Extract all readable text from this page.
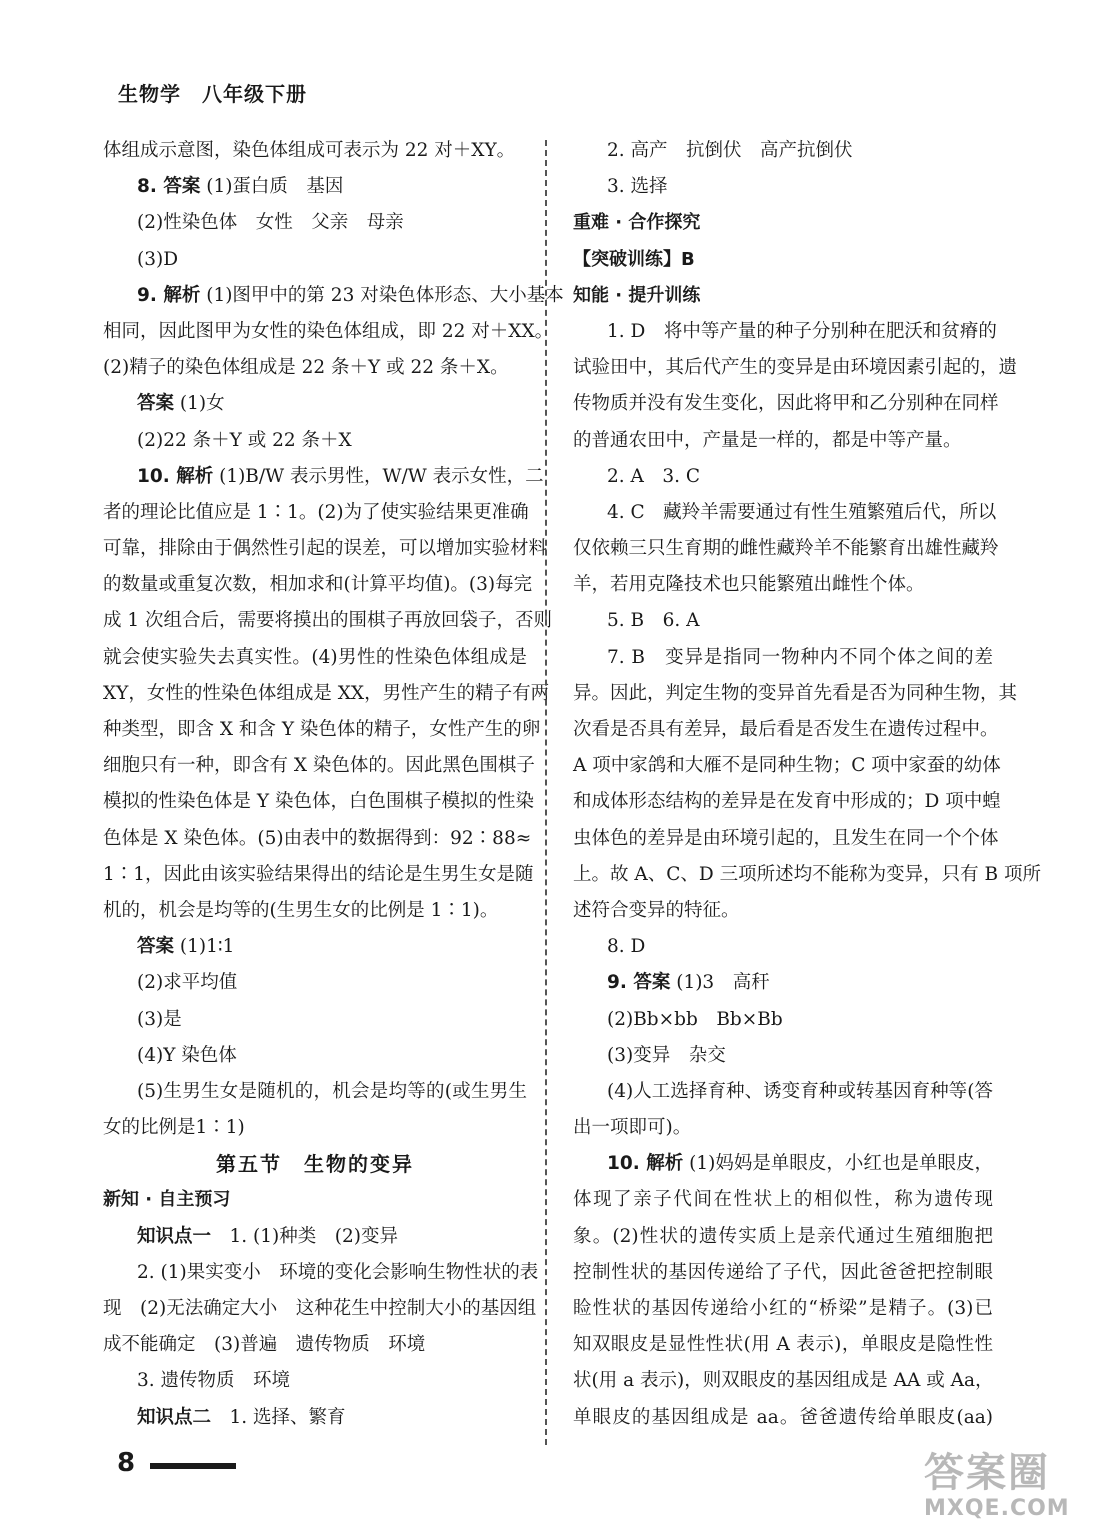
生物学　八年级下册
体组成示意图，染色体组成可表示为 22 对＋XY。
8. 答案 (1)蛋白质　基因
(2)性染色体　女性　父亲　母亲
(3)D
9. 解析 (1)图甲中的第 23 对染色体形态、大小基本
相同，因此图甲为女性的染色体组成，即 22 对＋XX。
(2)精子的染色体组成是 22 条＋Y 或 22 条＋X。
答案 (1)女
(2)22 条＋Y 或 22 条＋X
10. 解析 (1)B/W 表示男性，W/W 表示女性，二
者的理论比值应是 1∶1。(2)为了使实验结果更准确
可靠，排除由于偶然性引起的误差，可以增加实验材料
的数量或重复次数，相加求和(计算平均值)。(3)每完
成 1 次组合后，需要将摸出的围棋子再放回袋子，否则
就会使实验失去真实性。(4)男性的性染色体组成是
XY，女性的性染色体组成是 XX，男性产生的精子有两
种类型，即含 X 和含 Y 染色体的精子，女性产生的卵
细胞只有一种，即含有 X 染色体的。因此黑色围棋子
模拟的性染色体是 Y 染色体，白色围棋子模拟的性染
色体是 X 染色体。(5)由表中的数据得到：92∶88≈
1∶1，因此由该实验结果得出的结论是生男生女是随
机的，机会是均等的(生男生女的比例是 1∶1)。
答案 (1)1∶1
(2)求平均值
(3)是
(4)Y 染色体
(5)生男生女是随机的，机会是均等的(或生男生
女的比例是1∶1)
第五节　生物的变异
新知 · 自主预习
知识点一　1. (1)种类　(2)变异
2. (1)果实变小　环境的变化会影响生物性状的表
现　(2)无法确定大小　这种花生中控制大小的基因组
成不能确定　(3)普遍　遗传物质　环境
3. 遗传物质　环境
知识点二　1. 选择、繁育
2. 高产　抗倒伏　高产抗倒伏
3. 选择
重难 · 合作探究
【突破训练】B
知能 · 提升训练
1. D　将中等产量的种子分别种在肥沃和贫瘠的
试验田中，其后代产生的变异是由环境因素引起的，遗
传物质并没有发生变化，因此将甲和乙分别种在同样
的普通农田中，产量是一样的，都是中等产量。
2. A　3. C
4. C　藏羚羊需要通过有性生殖繁殖后代，所以
仅依赖三只生育期的雌性藏羚羊不能繁育出雄性藏羚
羊，若用克隆技术也只能繁殖出雌性个体。
5. B　6. A
7. B　变异是指同一物种内不同个体之间的差
异。因此，判定生物的变异首先看是否为同种生物，其
次看是否具有差异，最后看是否发生在遗传过程中。
A 项中家鸽和大雁不是同种生物；C 项中家蚕的幼体
和成体形态结构的差异是在发育中形成的；D 项中蝗
虫体色的差异是由环境引起的，且发生在同一个个体
上。故 A、C、D 三项所述均不能称为变异，只有 B 项所
述符合变异的特征。
8. D
9. 答案 (1)3　高秆
(2)Bb×bb　Bb×Bb
(3)变异　杂交
(4)人工选择育种、诱变育种或转基因育种等(答
出一项即可)。
10. 解析 (1)妈妈是单眼皮，小红也是单眼皮，
体现了亲子代间在性状上的相似性，称为遗传现
象。(2)性状的遗传实质上是亲代通过生殖细胞把
控制性状的基因传递给了子代，因此爸爸把控制眼
睑性状的基因传递给小红的“桥梁”是精子。(3)已
知双眼皮是显性性状(用 A 表示)，单眼皮是隐性性
状(用 a 表示)，则双眼皮的基因组成是 AA 或 Aa，
单眼皮的基因组成是 aa。爸爸遗传给单眼皮(aa)
8	答案圈
MXQE.COM
